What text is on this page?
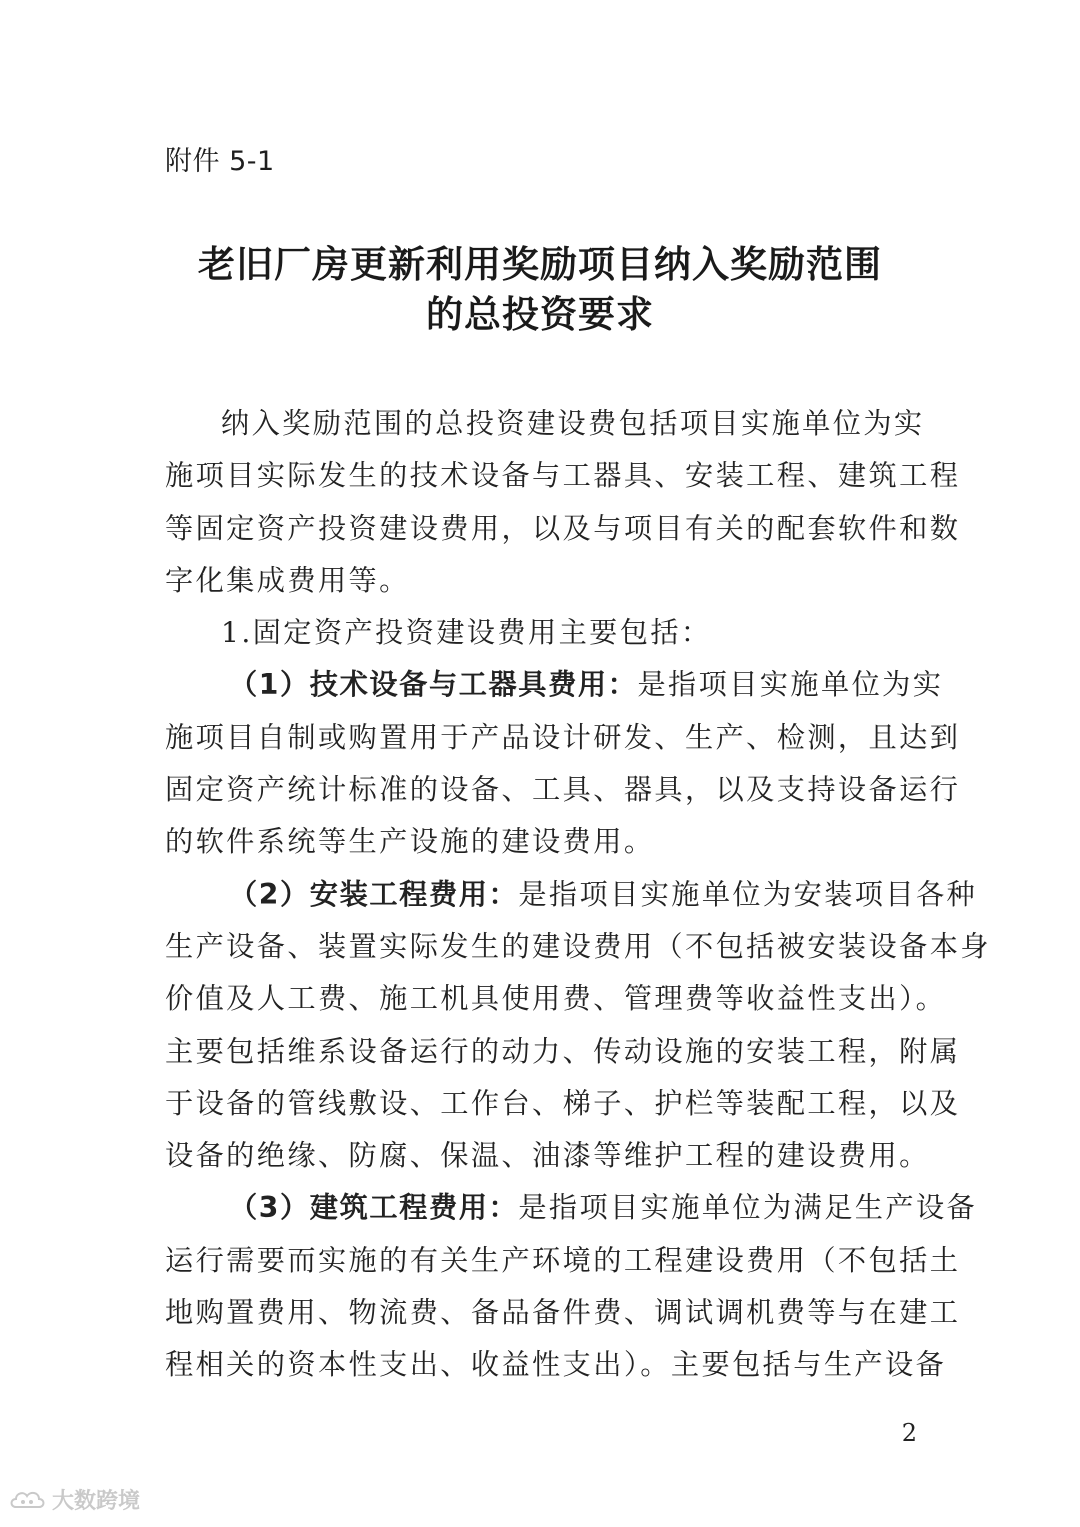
附件 5-1
老旧厂房更新利用奖励项目纳入奖励范围
的总投资要求

纳入奖励范围的总投资建设费包括项目实施单位为实
施项目实际发生的技术设备与工器具、安装工程、建筑工程
等固定资产投资建设费用，以及与项目有关的配套软件和数
字化集成费用等。

1.固定资产投资建设费用主要包括：

（1）技术设备与工器具费用：是指项目实施单位为实
施项目自制或购置用于产品设计研发、生产、检测，且达到
固定资产统计标准的设备、工具、器具，以及支持设备运行
的软件系统等生产设施的建设费用。

（2）安装工程费用：是指项目实施单位为安装项目各种
生产设备、装置实际发生的建设费用（不包括被安装设备本身
价值及人工费、施工机具使用费、管理费等收益性支出）。
主要包括维系设备运行的动力、传动设施的安装工程，附属
于设备的管线敷设、工作台、梯子、护栏等装配工程，以及
设备的绝缘、防腐、保温、油漆等维护工程的建设费用。

（3）建筑工程费用：是指项目实施单位为满足生产设备
运行需要而实施的有关生产环境的工程建设费用（不包括土
地购置费用、物流费、备品备件费、调试调机费等与在建工
程相关的资本性支出、收益性支出）。主要包括与生产设备

2
大数跨境
